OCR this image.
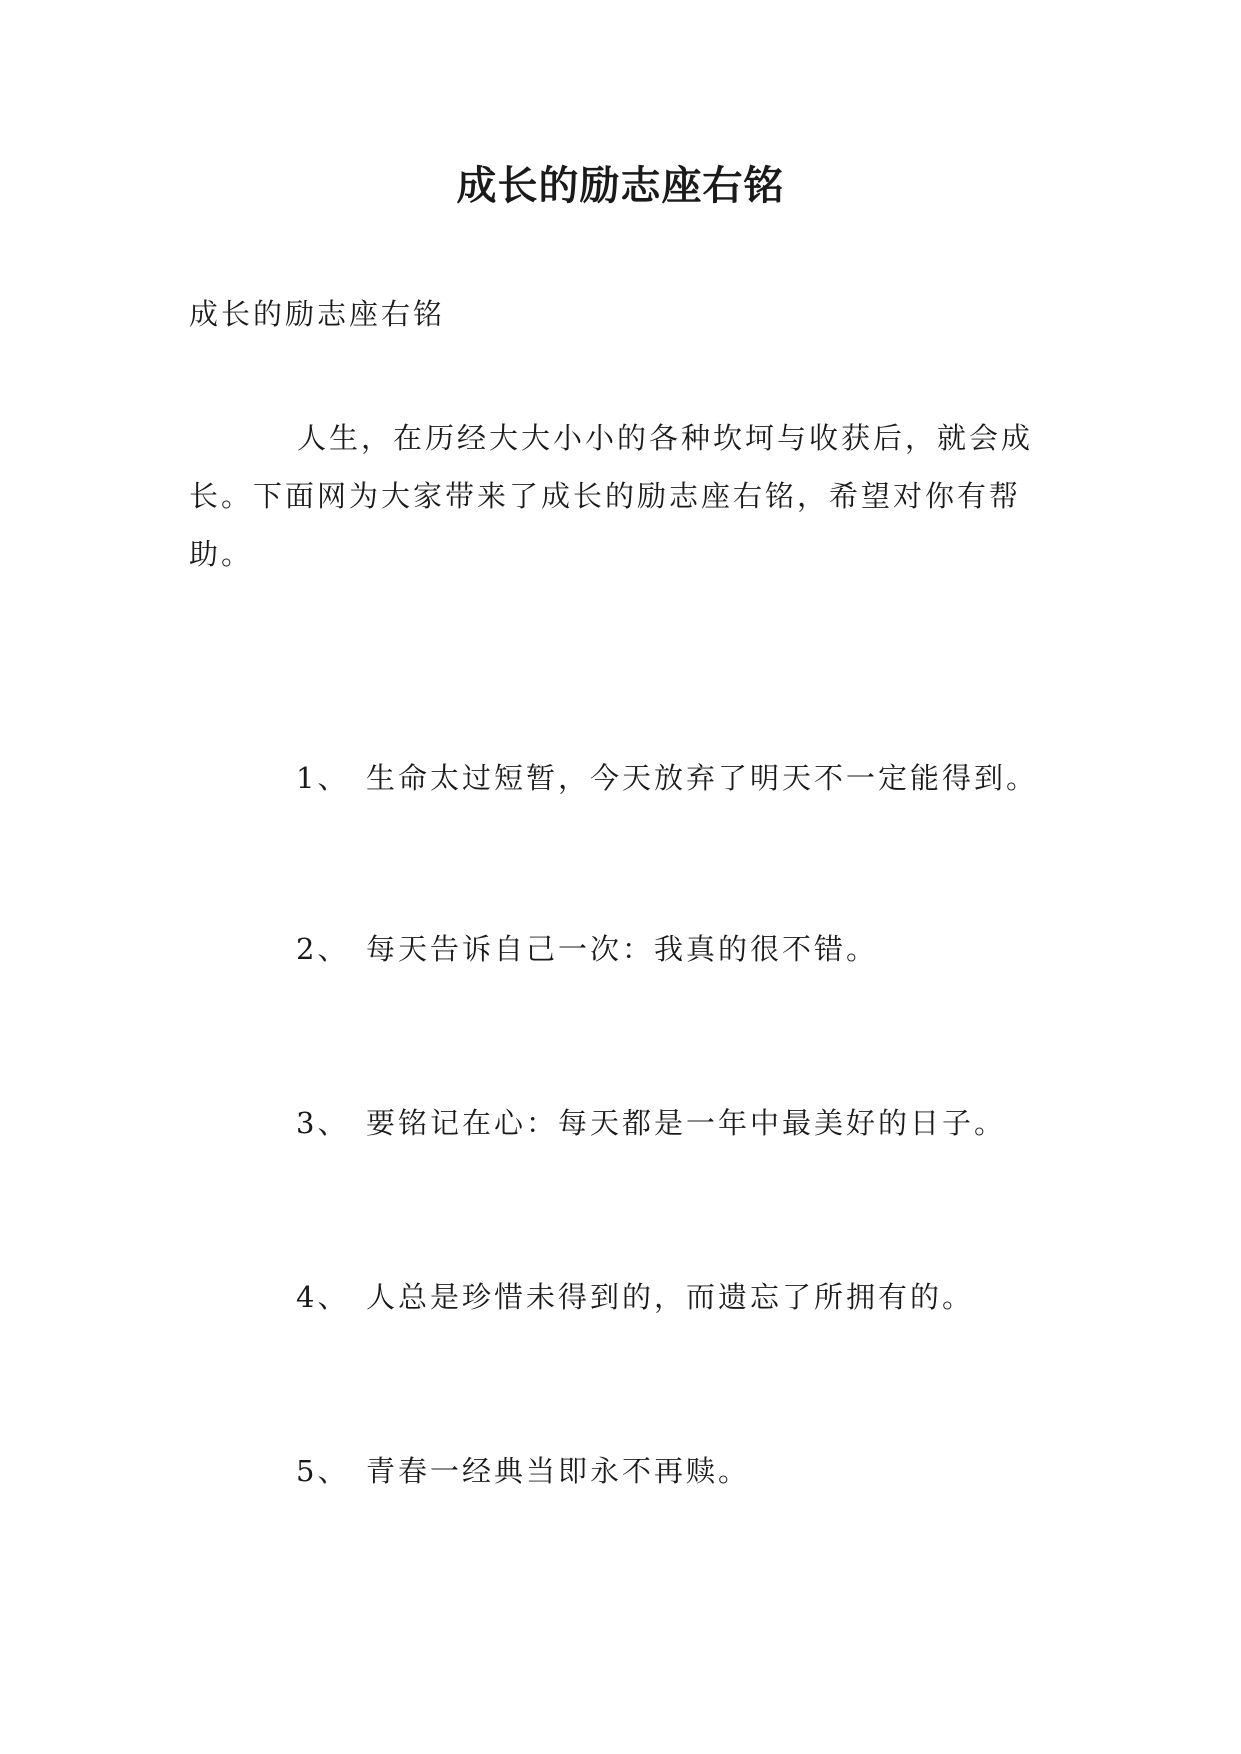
成长的励志座右铭
成长的励志座右铭

人生，在历经大大小小的各种坎坷与收获后，就会成长。下面网为大家带来了成长的励志座右铭，希望对你有帮助。

1、 生命太过短暂，今天放弃了明天不一定能得到。
2、 每天告诉自己一次：我真的很不错。
3、 要铭记在心：每天都是一年中最美好的日子。
4、 人总是珍惜未得到的，而遗忘了所拥有的。
5、 青春一经典当即永不再赎。
